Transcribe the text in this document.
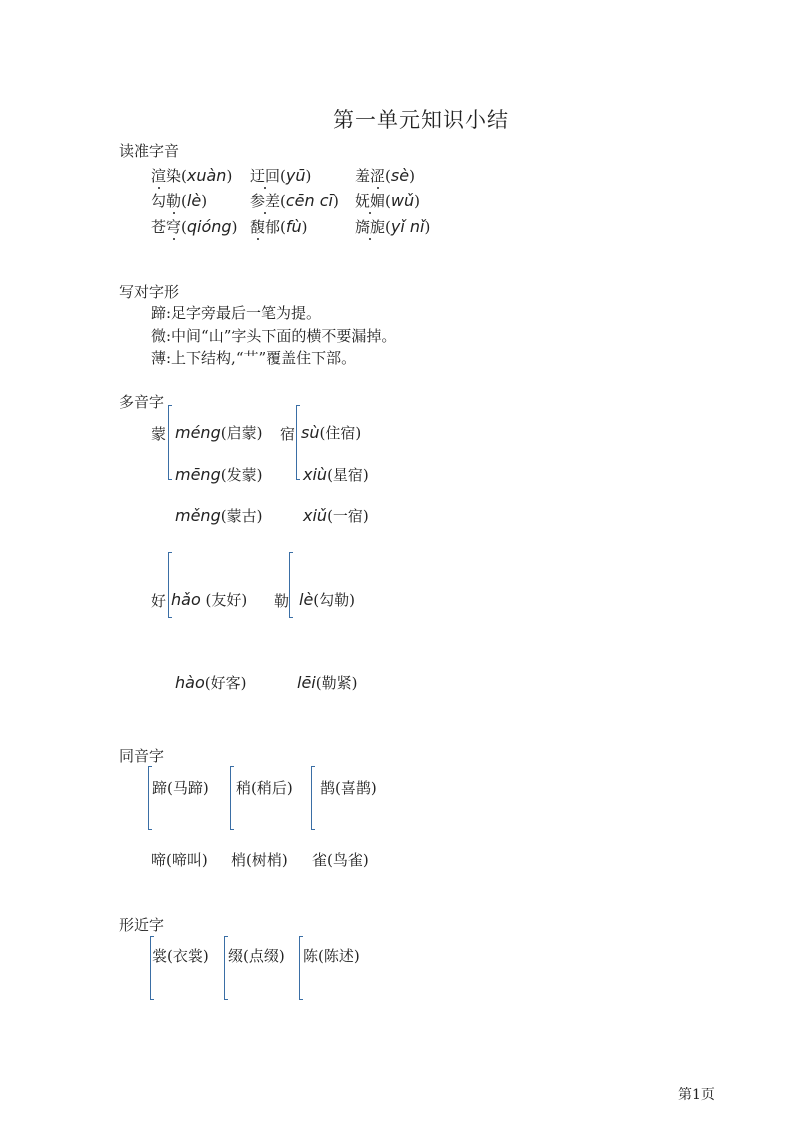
第一单元知识小结
读准字音
渲染(xuàn) 迂回(yū)	羞涩(sè)
勾勒(lè)	参差(cēn cī) 妩媚(wǔ)
苍穹(qióng) 馥郁(fù)	旖旎(yǐ nǐ)
写对字形
蹄:足字旁最后一笔为提。
微:中间“山”字头下面的横不要漏掉。
薄:上下结构,“艹”覆盖住下部。
多音字
蒙 méng(启蒙)
mēng(发蒙)
měng(蒙古)
宿 sù(住宿)
xiù(星宿)
xiǔ(一宿)
好 hǎo (友好)
hào(好客)
勒 lè(勾勒)
lēi(勒紧)
同音字
蹄(马蹄) 稍(稍后) 鹊(喜鹊)
啼(啼叫) 梢(树梢) 雀(鸟雀)
形近字
裳(衣裳) 缀(点缀) 陈(陈述)
第1页
